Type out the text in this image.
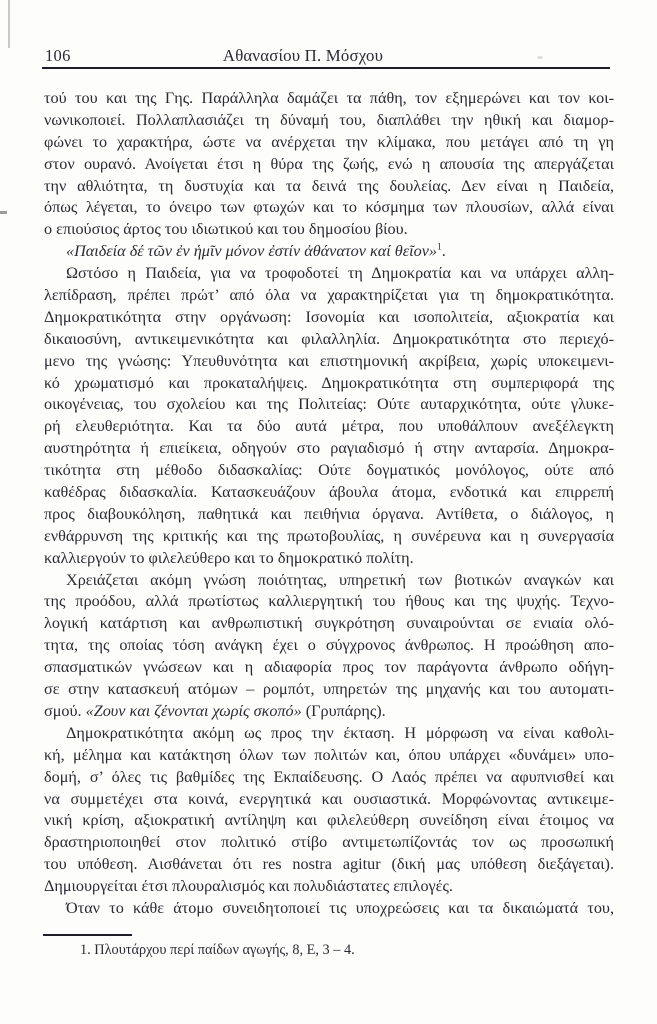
106	Αθανασίου Π. Μόσχου
τού του και της Γης. Παράλληλα δαμάζει τα πάθη, τον εξημερώνει και τον κοι-
νωνικοποιεί. Πολλαπλασιάζει τη δύναμή του, διαπλάθει την ηθική και διαμορ-
φώνει το χαρακτήρα, ώστε να ανέρχεται την κλίμακα, που μετάγει από τη γη
στον ουρανό. Ανοίγεται έτσι η θύρα της ζωής, ενώ η απουσία της απεργάζεται
την αθλιότητα, τη δυστυχία και τα δεινά της δουλείας. Δεν είναι η Παιδεία,
όπως λέγεται, το όνειρο των φτωχών και το κόσμημα των πλουσίων, αλλά είναι
ο επιούσιος άρτος του ιδιωτικού και του δημοσίου βίου.
«Παιδεία δέ τῶν ἐν ἡμῖν μόνον ἐστίν ἀθάνατον καί θεῖον»$^1$.
Ωστόσο η Παιδεία, για να τροφοδοτεί τη Δημοκρατία και να υπάρχει αλλη-
λεπίδραση, πρέπει πρώτ’ από όλα να χαρακτηρίζεται για τη δημοκρατικότητα.
Δημοκρατικότητα στην οργάνωση: Ισονομία και ισοπολιτεία, αξιοκρατία και
δικαιοσύνη, αντικειμενικότητα και φιλαλληλία. Δημοκρατικότητα στο περιεχό-
μενο της γνώσης: Υπευθυνότητα και επιστημονική ακρίβεια, χωρίς υποκειμενι-
κό χρωματισμό και προκαταλήψεις. Δημοκρατικότητα στη συμπεριφορά της
οικογένειας, του σχολείου και της Πολιτείας: Ούτε αυταρχικότητα, ούτε γλυκε-
ρή ελευθεριότητα. Και τα δύο αυτά μέτρα, που υποθάλπουν ανεξέλεγκτη
αυστηρότητα ή επιείκεια, οδηγούν στο ραγιαδισμό ή στην ανταρσία. Δημοκρα-
τικότητα στη μέθοδο διδασκαλίας: Ούτε δογματικός μονόλογος, ούτε από
καθέδρας διδασκαλία. Κατασκευάζουν άβουλα άτομα, ενδοτικά και επιρρεπή
προς διαβουκόληση, παθητικά και πειθήνια όργανα. Αντίθετα, ο διάλογος, η
ενθάρρυνση της κριτικής και της πρωτοβουλίας, η συνέρευνα και η συνεργασία
καλλιεργούν το φιλελεύθερο και το δημοκρατικό πολίτη.
Χρειάζεται ακόμη γνώση ποιότητας, υπηρετική των βιοτικών αναγκών και
της προόδου, αλλά πρωτίστως καλλιεργητική του ήθους και της ψυχής. Τεχνο-
λογική κατάρτιση και ανθρωπιστική συγκρότηση συναιρούνται σε ενιαία ολό-
τητα, της οποίας τόση ανάγκη έχει ο σύγχρονος άνθρωπος. Η προώθηση απο-
σπασματικών γνώσεων και η αδιαφορία προς τον παράγοντα άνθρωπο οδήγη-
σε στην κατασκευή ατόμων – ρομπότ, υπηρετών της μηχανής και του αυτοματι-
σμού. «Ζουν και ζένονται χωρίς σκοπό» (Γρυπάρης).
Δημοκρατικότητα ακόμη ως προς την έκταση. Η μόρφωση να είναι καθολι-
κή, μέλημα και κατάκτηση όλων των πολιτών και, όπου υπάρχει «δυνάμει» υπο-
δομή, σ’ όλες τις βαθμίδες της Εκπαίδευσης. Ο Λαός πρέπει να αφυπνισθεί και
να συμμετέχει στα κοινά, ενεργητικά και ουσιαστικά. Μορφώνοντας αντικειμε-
νική κρίση, αξιοκρατική αντίληψη και φιλελεύθερη συνείδηση είναι έτοιμος να
δραστηριοποιηθεί στον πολιτικό στίβο αντιμετωπίζοντάς τον ως προσωπική
του υπόθεση. Αισθάνεται ότι res nostra agitur (δική μας υπόθεση διεξάγεται).
Δημιουργείται έτσι πλουραλισμός και πολυδιάστατες επιλογές.
Όταν το κάθε άτομο συνειδητοποιεί τις υποχρεώσεις και τα δικαιώματά του,
1. Πλουτάρχου περί παίδων αγωγής, 8, Ε, 3 – 4.
